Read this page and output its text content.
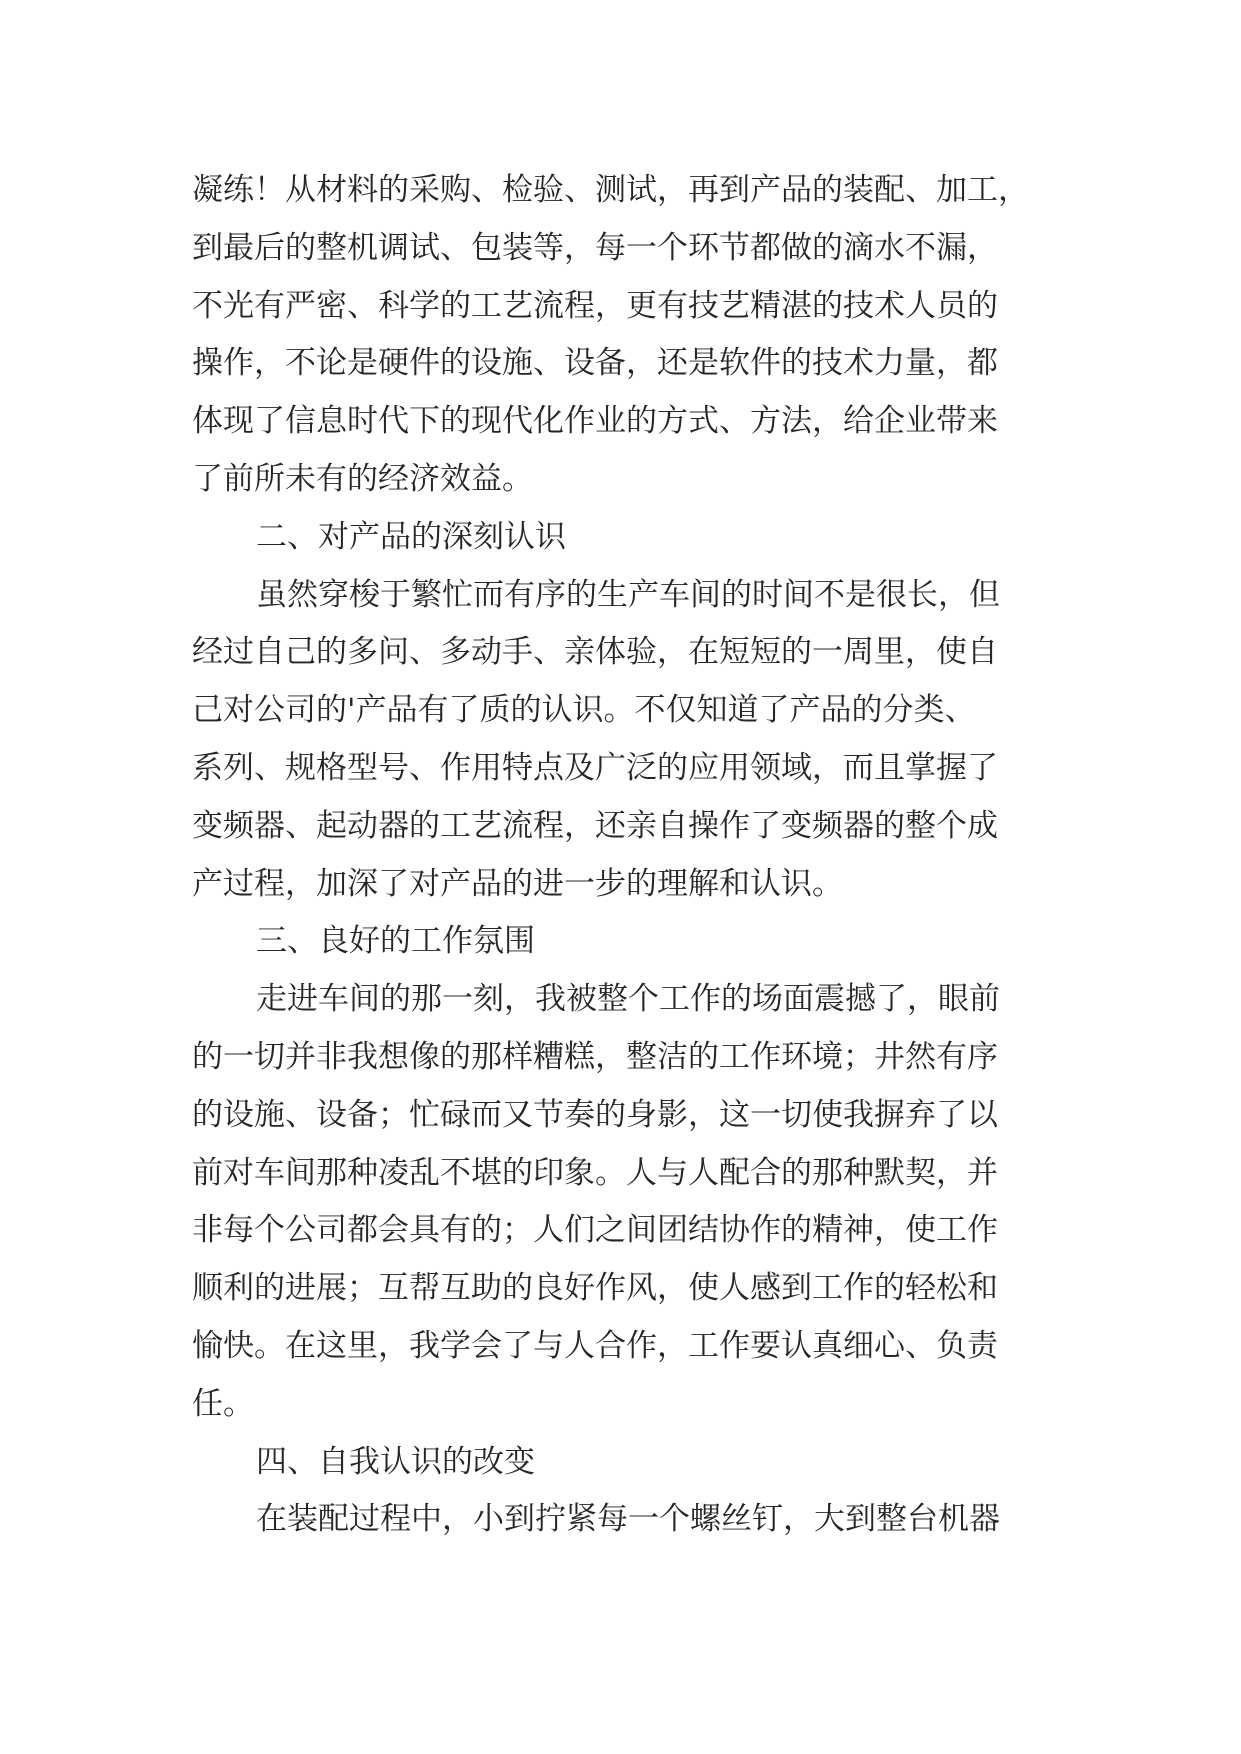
凝练！从材料的采购、检验、测试，再到产品的装配、加工，
到最后的整机调试、包装等，每一个环节都做的滴水不漏，
不光有严密、科学的工艺流程，更有技艺精湛的技术人员的
操作，不论是硬件的设施、设备，还是软件的技术力量，都
体现了信息时代下的现代化作业的方式、方法，给企业带来
了前所未有的经济效益。
二、对产品的深刻认识
虽然穿梭于繁忙而有序的生产车间的时间不是很长，但
经过自己的多问、多动手、亲体验，在短短的一周里，使自
己对公司的'产品有了质的认识。不仅知道了产品的分类、
系列、规格型号、作用特点及广泛的应用领域，而且掌握了
变频器、起动器的工艺流程，还亲自操作了变频器的整个成
产过程，加深了对产品的进一步的理解和认识。
三、良好的工作氛围
走进车间的那一刻，我被整个工作的场面震撼了，眼前
的一切并非我想像的那样糟糕，整洁的工作环境；井然有序
的设施、设备；忙碌而又节奏的身影，这一切使我摒弃了以
前对车间那种凌乱不堪的印象。人与人配合的那种默契，并
非每个公司都会具有的；人们之间团结协作的精神，使工作
顺利的进展；互帮互助的良好作风，使人感到工作的轻松和
愉快。在这里，我学会了与人合作，工作要认真细心、负责
任。
四、自我认识的改变
在装配过程中，小到拧紧每一个螺丝钉，大到整台机器
